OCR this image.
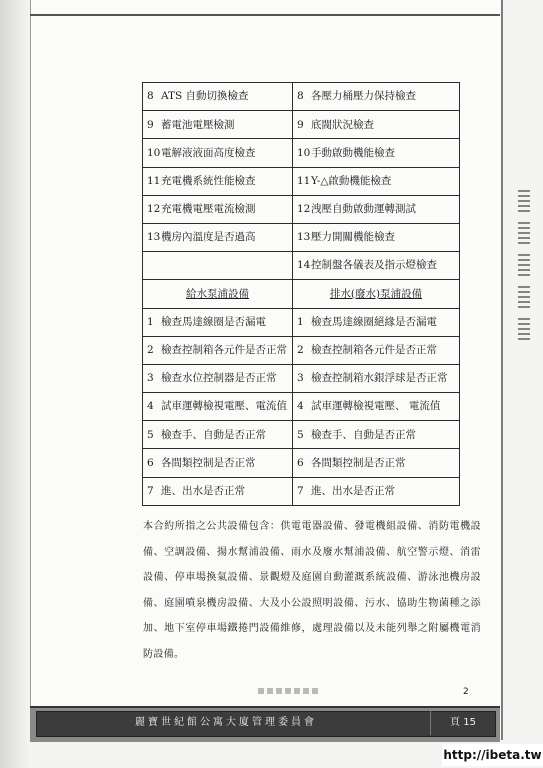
8 ATS 自動切換檢查	8 各壓力桶壓力保持檢查
9 蓄電池電壓檢測	9 底閥狀況檢查
10電解液液面高度檢查	10手動啟動機能檢查
11充電機系統性能檢查	11Y-△啟動機能檢查
12充電機電壓電流檢測	12洩壓自動啟動運轉測試
13機房內溫度是否過高	13壓力開關機能檢查
	14控制盤各儀表及指示燈檢查
給水泵浦設備	排水(廢水)泵浦設備
1 檢查馬達線圈是否漏電	1 檢查馬達線圈絕緣是否漏電
2 檢查控制箱各元件是否正常	2 檢查控制箱各元件是否正常
3 檢查水位控制器是否正常	3 檢查控制箱水銀浮球是否正常
4 試車運轉檢視電壓、電流值	4 試車運轉檢視電壓、 電流值
5 檢查手、自動是否正常	5 檢查手、自動是否正常
6 各間類控制是否正常	6 各間類控制是否正常
7 進、出水是否正常	7 進、出水是否正常

本合約所指之公共設備包含：供電電器設備、發電機組設備、消防電機設備、空調設備、揚水幫浦設備、雨水及廢水幫浦設備、航空警示燈、消雷設備、停車場換氣設備、景觀燈及庭園自動灌溉系統設備、游泳池機房設備、庭園噴泉機房設備、大及小公設照明設備、污水、協助生物菌種之添加、地下室停車場鐵捲門設備維修，處理設備以及未能列舉之附屬機電消防設備。

2
麗寶世紀館公寓大廈管理委員會	頁 15
http://ibeta.tw
